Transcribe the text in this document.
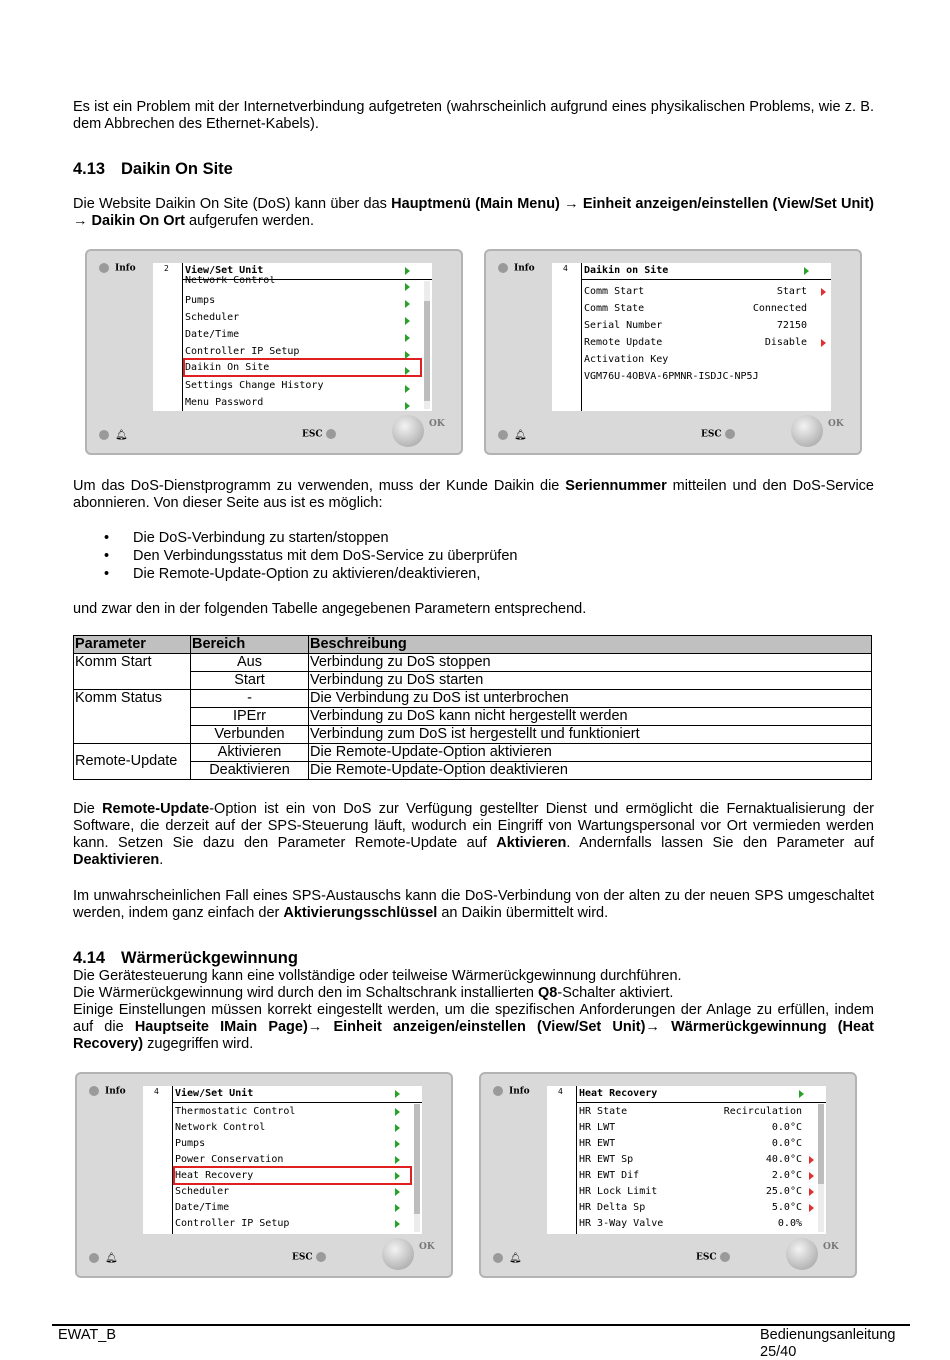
Es ist ein Problem mit der Internetverbindung aufgetreten (wahrscheinlich aufgrund eines physikalischen Problems, wie z. B. dem Abbrechen des Ethernet-Kabels).

4.13 Daikin On Site

Die Website Daikin On Site (DoS) kann über das Hauptmenü (Main Menu) → Einheit anzeigen/einstellen (View/Set Unit) → Daikin On Ort aufgerufen werden.

Info	2 View/Set Unit
Network Control
Pumps
Scheduler
Date/Time
Controller IP Setup
Daikin On Site
Settings Change History
Menu Password
🔔︎	ESC
OK
Info	4 Daikin on Site
Comm Start	Start
Comm State	Connected
Serial Number	72150
Remote Update	Disable
Activation Key
VGM76U-4OBVA-6PMNR-ISDJC-NP5J
🔔︎	ESC
OK

Um das DoS-Dienstprogramm zu verwenden, muss der Kunde Daikin die Seriennummer mitteilen und den DoS-Service abonnieren. Von dieser Seite aus ist es möglich:

• Die DoS-Verbindung zu starten/stoppen
• Den Verbindungsstatus mit dem DoS-Service zu überprüfen
• Die Remote-Update-Option zu aktivieren/deaktivieren,

und zwar den in der folgenden Tabelle angegebenen Parametern entsprechend.

Parameter	Bereich	Beschreibung
Komm Start	Aus	Verbindung zu DoS stoppen
	Start	Verbindung zu DoS starten
Komm Status	-	Die Verbindung zu DoS ist unterbrochen
	IPErr	Verbindung zu DoS kann nicht hergestellt werden
	Verbunden	Verbindung zum DoS ist hergestellt und funktioniert
Remote-Update	Aktivieren	Die Remote-Update-Option aktivieren
	Deaktivieren	Die Remote-Update-Option deaktivieren

Die Remote-Update-Option ist ein von DoS zur Verfügung gestellter Dienst und ermöglicht die Fernaktualisierung der Software, die derzeit auf der SPS-Steuerung läuft, wodurch ein Eingriff von Wartungspersonal vor Ort vermieden werden kann. Setzen Sie dazu den Parameter Remote-Update auf Aktivieren. Andernfalls lassen Sie den Parameter auf Deaktivieren.

Im unwahrscheinlichen Fall eines SPS-Austauschs kann die DoS-Verbindung von der alten zu der neuen SPS umgeschaltet werden, indem ganz einfach der Aktivierungsschlüssel an Daikin übermittelt wird.

4.14 Wärmerückgewinnung

Die Gerätesteuerung kann eine vollständige oder teilweise Wärmerückgewinnung durchführen.

Die Wärmerückgewinnung wird durch den im Schaltschrank installierten Q8-Schalter aktiviert.

Einige Einstellungen müssen korrekt eingestellt werden, um die spezifischen Anforderungen der Anlage zu erfüllen, indem auf die Hauptseite IMain Page)→ Einheit anzeigen/einstellen (View/Set Unit)→ Wärmerückgewinnung (Heat Recovery) zugegriffen wird.

Info	4 View/Set Unit
Thermostatic Control
Network Control
Pumps
Power Conservation
Heat Recovery
Scheduler
Date/Time
Controller IP Setup
🔔︎	ESC
OK
Info	4 Heat Recovery
HR State	Recirculation
HR LWT	0.0°C
HR EWT	0.0°C
HR EWT Sp	40.0°C
HR EWT Dif	2.0°C
HR Lock Limit	25.0°C
HR Delta Sp	5.0°C
HR 3-Way Valve	0.0%
🔔︎	ESC
OK
EWAT_B	Bedienungsanleitung
25/40
